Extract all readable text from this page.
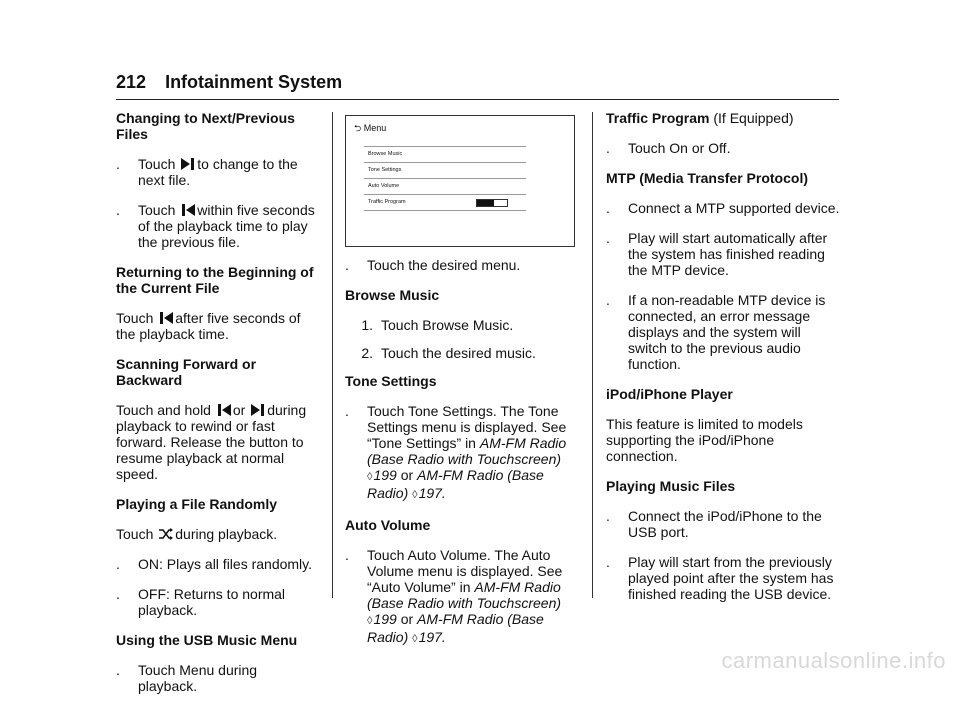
212 Infotainment System
Changing to Next/Previous Files
.	Touch to change to the next file.
.	Touch within five seconds of the playback time to play the previous file.
Returning to the Beginning of the Current File
Touch after five seconds of the playback time.
Scanning Forward or Backward
Touch and hold or during playback to rewind or fast forward. Release the button to resume playback at normal speed.
Playing a File Randomly
Touch during playback.
.	ON: Plays all files randomly.
.	OFF: Returns to normal playback.
Using the USB Music Menu
.	Touch Menu during playback.
⮌ Menu
Browse Music
Tone Settings
Auto Volume
Traffic Program
.	Touch the desired menu.
Browse Music
1. Touch Browse Music.
2. Touch the desired music.
Tone Settings
.	Touch Tone Settings. The Tone Settings menu is displayed. See “Tone Settings” in AM-FM Radio (Base Radio with Touchscreen) ◊199 or AM-FM Radio (Base Radio) ◊197.
Auto Volume
.	Touch Auto Volume. The Auto Volume menu is displayed. See “Auto Volume” in AM-FM Radio (Base Radio with Touchscreen) ◊199 or AM-FM Radio (Base Radio) ◊197.
Traffic Program (If Equipped)
.	Touch On or Off.
MTP (Media Transfer Protocol)
.	Connect a MTP supported device.
.	Play will start automatically after the system has finished reading the MTP device.
.	If a non-readable MTP device is connected, an error message displays and the system will switch to the previous audio function.
iPod/iPhone Player
This feature is limited to models supporting the iPod/iPhone connection.
Playing Music Files
.	Connect the iPod/iPhone to the USB port.
.	Play will start from the previously played point after the system has finished reading the USB device.
carmanualsonline.info
